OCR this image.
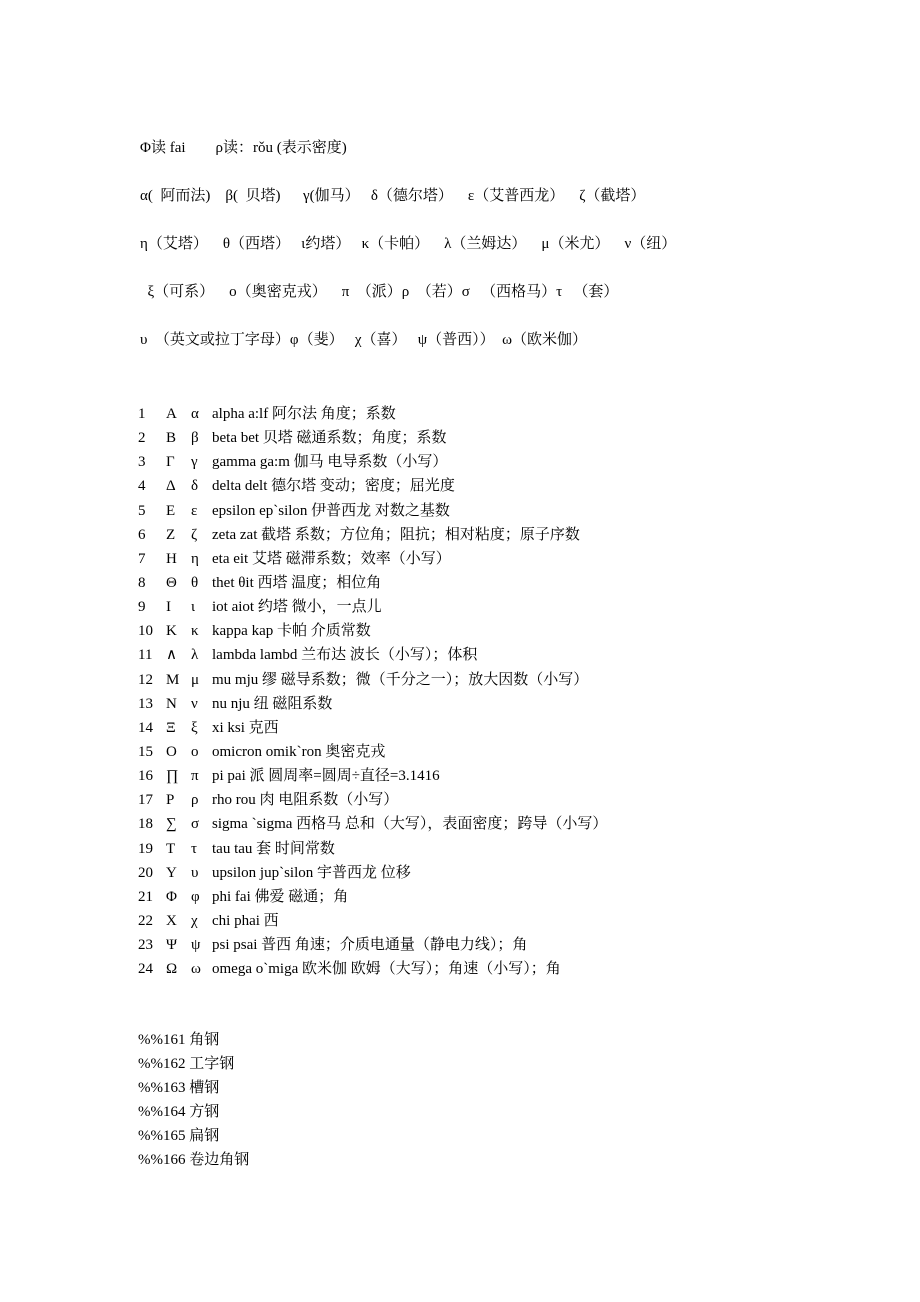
Φ读 fai        ρ读：rǒu (表示密度)
α(  阿而法)    β(  贝塔)      γ(伽马）   δ（德尔塔）    ε（艾普西龙）    ζ（截塔）
η（艾塔）    θ（西塔）   ι约塔）   κ（卡帕）    λ（兰姆达）    μ（米尤）    ν（纽）
ξ（可系）    ο（奥密克戎）    π  （派）ρ  （若）σ   （西格马）τ   （套）
υ  （英文或拉丁字母）φ（斐）   χ（喜）   ψ（普西））  ω（欧米伽）
1 Α α alpha a:lf 阿尔法 角度；系数
2 Β β beta bet 贝塔 磁通系数；角度；系数
3 Γ γ gamma ga:m 伽马 电导系数（小写）
4 Δ δ delta delt 德尔塔 变动；密度；屈光度
5 Ε ε epsilon ep`silon 伊普西龙 对数之基数
6 Ζ ζ zeta zat 截塔 系数；方位角；阻抗；相对粘度；原子序数
7 Η η eta eit 艾塔 磁滞系数；效率（小写）
8 Θ θ thet θit 西塔 温度；相位角
9 Ι ι iot aiot 约塔 微小，一点儿
10 Κ κ kappa kap 卡帕 介质常数
11 ∧ λ lambda lambd 兰布达 波长（小写）；体积
12 Μ μ mu mju 缪 磁导系数；微（千分之一）；放大因数（小写）
13 Ν ν nu nju 纽 磁阻系数
14 Ξ ξ xi ksi 克西
15 Ο ο omicron omik`ron 奥密克戎
16 ∏ π pi pai 派 圆周率=圆周÷直径=3.1416
17 Ρ ρ rho rou 肉 电阻系数（小写）
18 ∑ σ sigma `sigma 西格马 总和（大写），表面密度；跨导（小写）
19 Τ τ tau tau 套 时间常数
20 Υ υ upsilon jup`silon 宇普西龙 位移
21 Φ φ phi fai 佛爱 磁通；角
22 Χ χ chi phai 西
23 Ψ ψ psi psai 普西 角速；介质电通量（静电力线）；角
24 Ω ω omega o`miga 欧米伽 欧姆（大写）；角速（小写）；角
%%161 角钢
%%162 工字钢
%%163 槽钢
%%164 方钢
%%165 扁钢
%%166 卷边角钢
